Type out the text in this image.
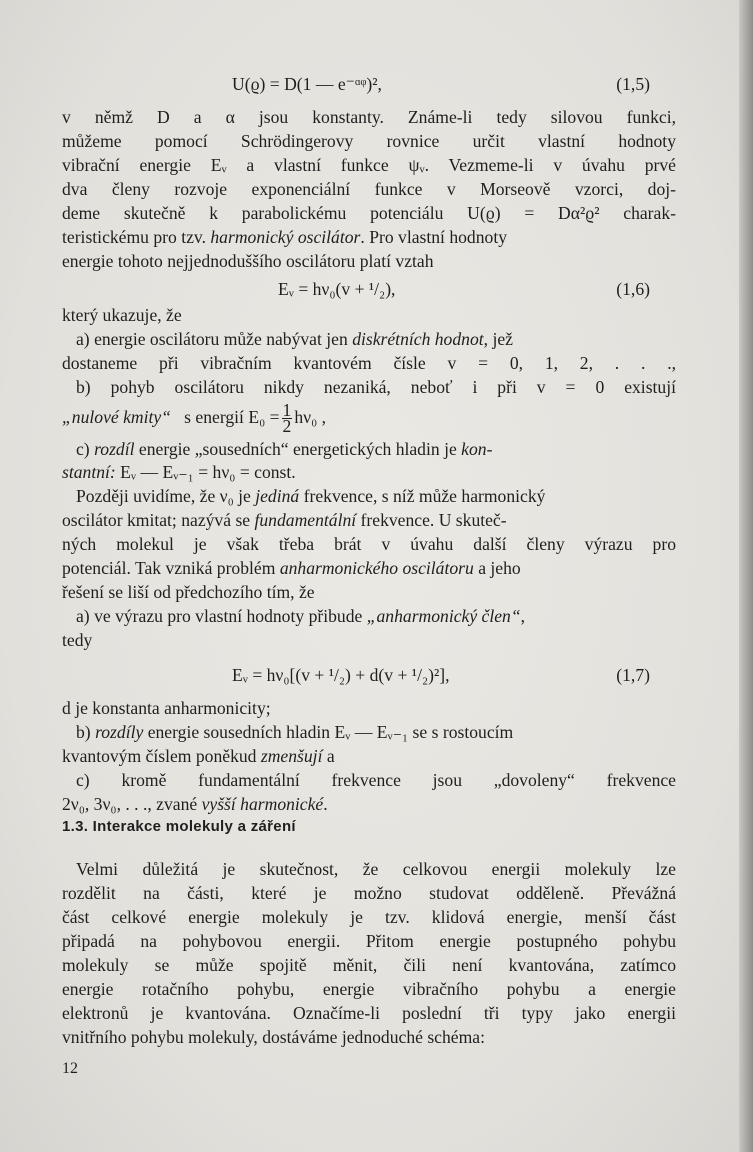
U(ϱ) = D(1 — e⁻ᵅᵠ)²,	(1,5)
v němž D a α jsou konstanty. Známe-li tedy silovou funkci,
můžeme pomocí Schrödingerovy rovnice určit vlastní hodnoty
vibrační energie Eᵥ a vlastní funkce ψᵥ. Vezmeme-li v úvahu prvé
dva členy rozvoje exponenciální funkce v Morseově vzorci, doj-
deme skutečně k parabolickému potenciálu U(ϱ) = Dα²ϱ² charak-
teristickému pro tzv. harmonický oscilátor. Pro vlastní hodnoty
energie tohoto nejjednoduššího oscilátoru platí vztah
Eᵥ = hν₀(v + ¹/₂),	(1,6)
který ukazuje, že
a) energie oscilátoru může nabývat jen diskrétních hodnot, jež
dostaneme při vibračním kvantovém čísle v = 0, 1, 2, . . .,
b) pohyb oscilátoru nikdy nezaniká, neboť i při v = 0 existují
„nulové kmity“ s energií $E_0 = \frac{1}{2} h\nu_0$ ,
c) rozdíl energie „sousedních“ energetických hladin je kon-
stantní: Eᵥ — Eᵥ₋₁ = hν₀ = const.
Později uvidíme, že ν₀ je jediná frekvence, s níž může harmonický
oscilátor kmitat; nazývá se fundamentální frekvence. U skuteč-
ných molekul je však třeba brát v úvahu další členy výrazu pro
potenciál. Tak vzniká problém anharmonického oscilátoru a jeho
řešení se liší od předchozího tím, že
a) ve výrazu pro vlastní hodnoty přibude „anharmonický člen“,
tedy
Eᵥ = hν₀[(v + ¹/₂) + d(v + ¹/₂)²],	(1,7)
d je konstanta anharmonicity;
b) rozdíly energie sousedních hladin Eᵥ — Eᵥ₋₁ se s rostoucím
kvantovým číslem poněkud zmenšují a
c) kromě fundamentální frekvence jsou „dovoleny“ frekvence
2ν₀, 3ν₀, . . ., zvané vyšší harmonické.
1.3. Interakce molekuly a záření
Velmi důležitá je skutečnost, že celkovou energii molekuly lze
rozdělit na části, které je možno studovat odděleně. Převážná
část celkové energie molekuly je tzv. klidová energie, menší část
připadá na pohybovou energii. Přitom energie postupného pohybu
molekuly se může spojitě měnit, čili není kvantována, zatímco
energie rotačního pohybu, energie vibračního pohybu a energie
elektronů je kvantována. Označíme-li poslední tři typy jako energii
vnitřního pohybu molekuly, dostáváme jednoduché schéma:
12
